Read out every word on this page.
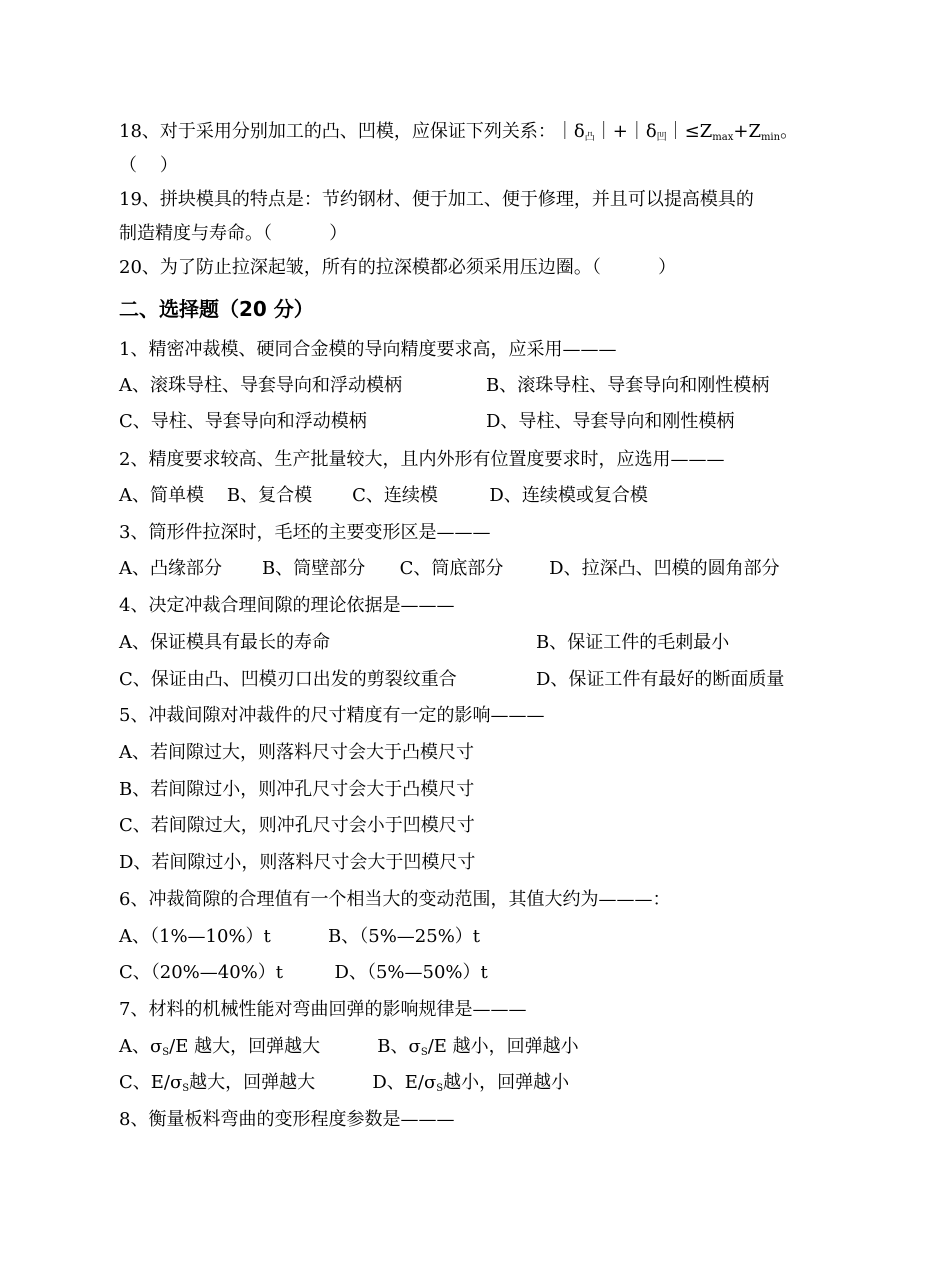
18、对于采用分别加工的凸、凹模，应保证下列关系：$|\delta_凸|+|\delta_凹|\le Z_{max}+Z_{min}$。
（    ）
19、拼块模具的特点是：节约钢材、便于加工、便于修理，并且可以提高模具的
制造精度与寿命。（          ）
20、为了防止拉深起皱，所有的拉深模都必须采用压边圈。（          ）
二、选择题（20 分）
1、精密冲裁模、硬同合金模的导向精度要求高，应采用———
A、滚珠导柱、导套导向和浮动模柄	B、滚珠导柱、导套导向和刚性模柄
C、导柱、导套导向和浮动模柄	D、导柱、导套导向和刚性模柄
2、精度要求较高、生产批量较大，且内外形有位置度要求时，应选用———
A、简单模    B、复合模       C、连续模         D、连续模或复合模
3、筒形件拉深时，毛坯的主要变形区是———
A、凸缘部分       B、筒壁部分      C、筒底部分        D、拉深凸、凹模的圆角部分
4、决定冲裁合理间隙的理论依据是———
A、保证模具有最长的寿命	B、保证工件的毛刺最小
C、保证由凸、凹模刃口出发的剪裂纹重合	D、保证工件有最好的断面质量
5、冲裁间隙对冲裁件的尺寸精度有一定的影响———
A、若间隙过大，则落料尺寸会大于凸模尺寸
B、若间隙过小，则冲孔尺寸会大于凸模尺寸
C、若间隙过大，则冲孔尺寸会小于凹模尺寸
D、若间隙过小，则落料尺寸会大于凹模尺寸
6、冲裁简隙的合理值有一个相当大的变动范围，其值大约为———：
A、（1%—10%）t          B、（5%—25%）t
C、（20%—40%）t         D、（5%—50%）t
7、材料的机械性能对弯曲回弹的影响规律是———
A、$\sigma_S/E$ 越大，回弹越大          B、$\sigma_S/E$ 越小，回弹越小
C、$E/\sigma_S$越大，回弹越大          D、$E/\sigma_S$越小，回弹越小
8、衡量板料弯曲的变形程度参数是———
